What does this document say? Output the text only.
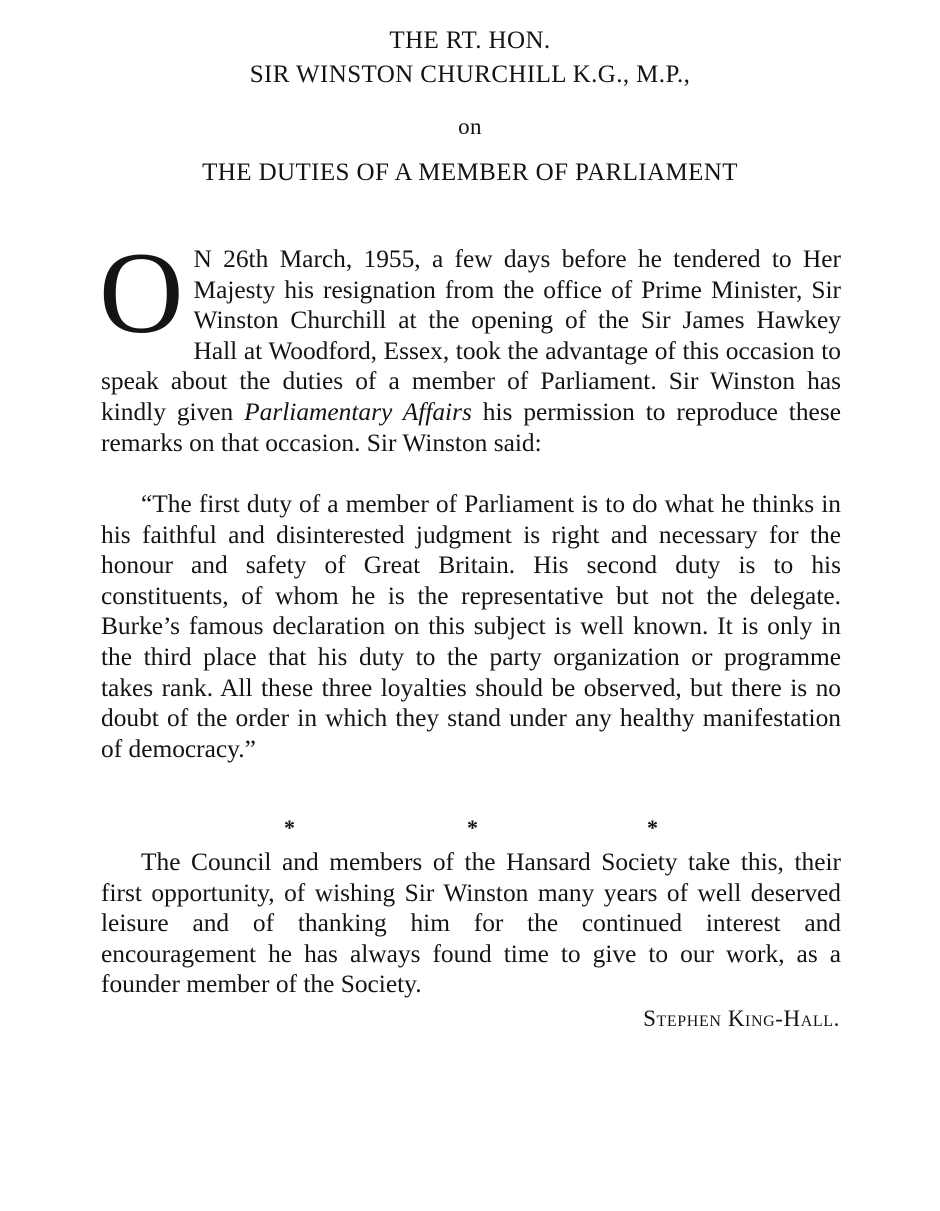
THE RT. HON.

SIR WINSTON CHURCHILL K.G., M.P.,

on

THE DUTIES OF A MEMBER OF PARLIAMENT

O N 26th March, 1955, a few days before he tendered to Her Majesty his resignation from the office of Prime Minister, Sir Winston Churchill at the opening of the Sir James Hawkey Hall at Woodford, Essex, took the advantage of this occasion to speak about the duties of a member of Parliament. Sir Winston has kindly given Parliamentary Affairs his permission to reproduce these remarks on that occasion. Sir Winston said:

“The first duty of a member of Parliament is to do what he thinks in his faithful and disinterested judgment is right and necessary for the honour and safety of Great Britain. His second duty is to his constituents, of whom he is the representative but not the delegate. Burke’s famous declaration on this subject is well known. It is only in the third place that his duty to the party organization or programme takes rank. All these three loyalties should be observed, but there is no doubt of the order in which they stand under any healthy manifestation of democracy.”

*	*	*

The Council and members of the Hansard Society take this, their first opportunity, of wishing Sir Winston many years of well deserved leisure and of thanking him for the continued interest and encouragement he has always found time to give to our work, as a founder member of the Society.

Stephen King-Hall.
